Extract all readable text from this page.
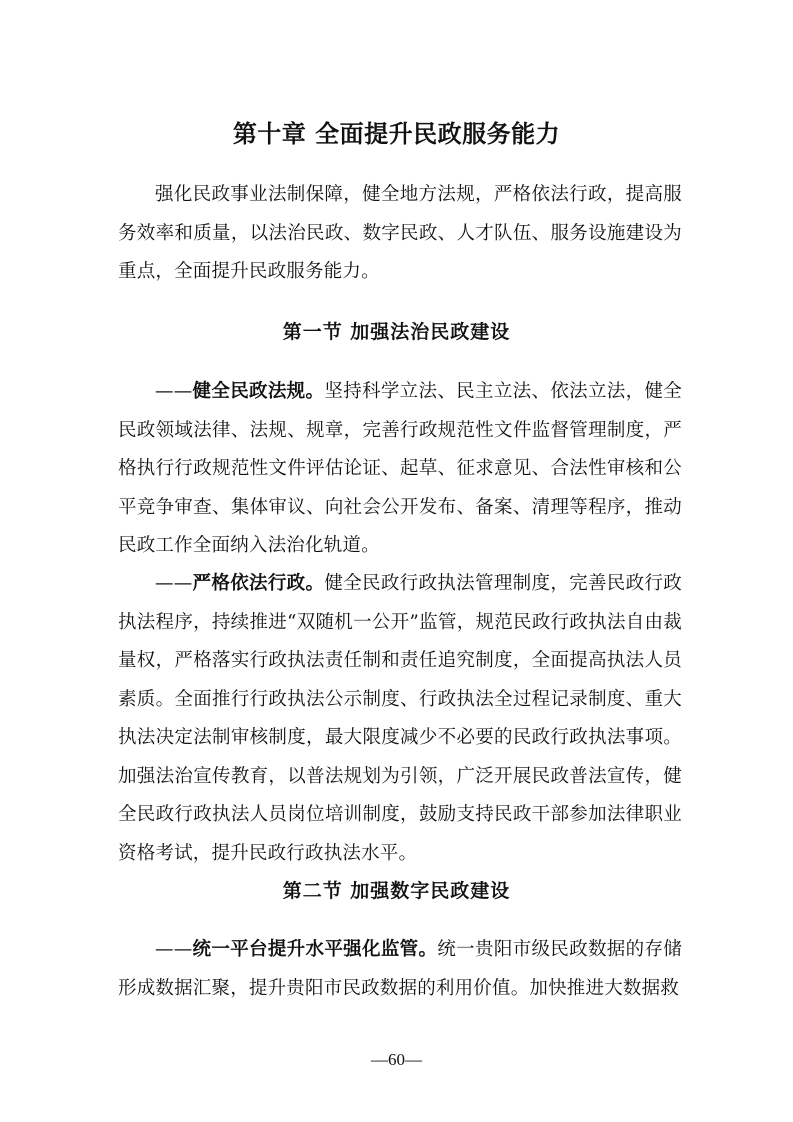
第十章 全面提升民政服务能力

强化民政事业法制保障，健全地方法规，严格依法行政，提高服务效率和质量，以法治民政、数字民政、人才队伍、服务设施建设为重点，全面提升民政服务能力。

第一节 加强法治民政建设

——健全民政法规。坚持科学立法、民主立法、依法立法，健全民政领域法律、法规、规章，完善行政规范性文件监督管理制度，严格执行行政规范性文件评估论证、起草、征求意见、合法性审核和公平竞争审查、集体审议、向社会公开发布、备案、清理等程序，推动民政工作全面纳入法治化轨道。

——严格依法行政。健全民政行政执法管理制度，完善民政行政执法程序，持续推进“双随机一公开”监管，规范民政行政执法自由裁量权，严格落实行政执法责任制和责任追究制度，全面提高执法人员素质。全面推行行政执法公示制度、行政执法全过程记录制度、重大执法决定法制审核制度，最大限度减少不必要的民政行政执法事项。加强法治宣传教育，以普法规划为引领，广泛开展民政普法宣传，健全民政行政执法人员岗位培训制度，鼓励支持民政干部参加法律职业资格考试，提升民政行政执法水平。

第二节 加强数字民政建设

——统一平台提升水平强化监管。统一贵阳市级民政数据的存储形成数据汇聚，提升贵阳市民政数据的利用价值。加快推进大数据救

—60—
